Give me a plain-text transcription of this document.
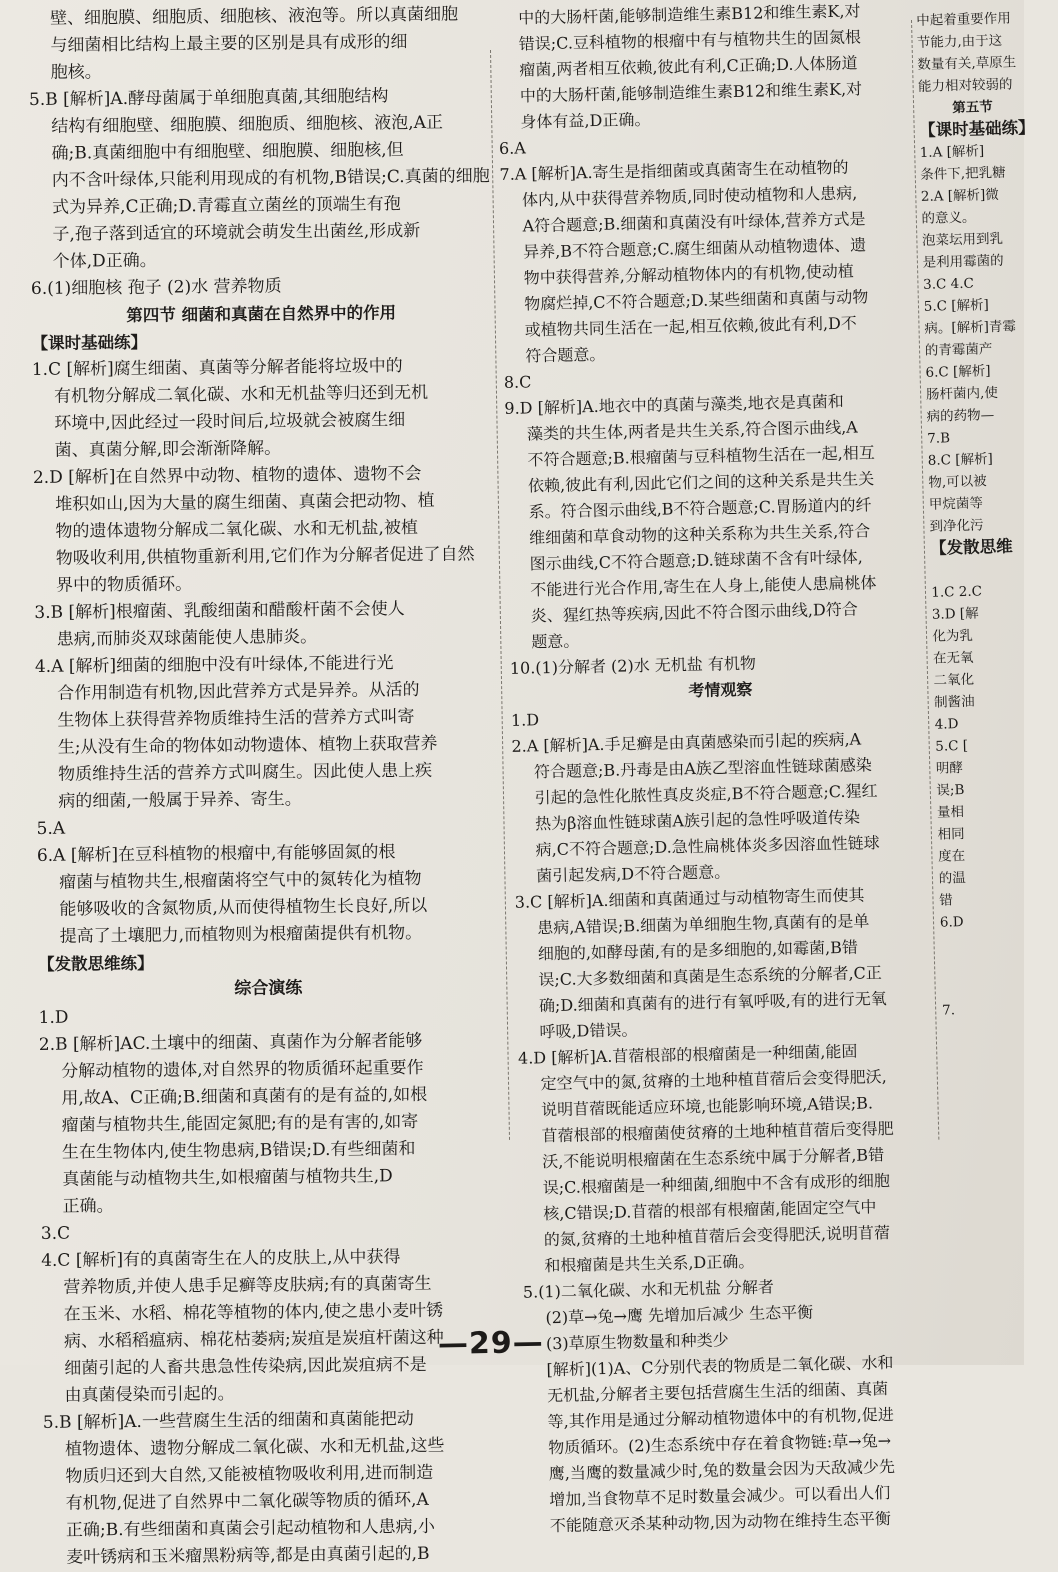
壁、细胞膜、细胞质、细胞核、液泡等。所以真菌细胞
与细菌相比结构上最主要的区别是具有成形的细
胞核。
5.B [解析]A.酵母菌属于单细胞真菌,其细胞结构
结构有细胞壁、细胞膜、细胞质、细胞核、液泡,A正
确;B.真菌细胞中有细胞壁、细胞膜、细胞核,但
内不含叶绿体,只能利用现成的有机物,B错误;C.真菌的细胞
式为异养,C正确;D.青霉直立菌丝的顶端生有孢
子,孢子落到适宜的环境就会萌发生出菌丝,形成新
个体,D正确。
6.(1)细胞核 孢子 (2)水 营养物质
第四节 细菌和真菌在自然界中的作用
【课时基础练】
1.C [解析]腐生细菌、真菌等分解者能将垃圾中的
有机物分解成二氧化碳、水和无机盐等归还到无机
环境中,因此经过一段时间后,垃圾就会被腐生细
菌、真菌分解,即会渐渐降解。
2.D [解析]在自然界中动物、植物的遗体、遗物不会
堆积如山,因为大量的腐生细菌、真菌会把动物、植
物的遗体遗物分解成二氧化碳、水和无机盐,被植
物吸收利用,供植物重新利用,它们作为分解者促进了自然
界中的物质循环。
3.B [解析]根瘤菌、乳酸细菌和醋酸杆菌不会使人
患病,而肺炎双球菌能使人患肺炎。
4.A [解析]细菌的细胞中没有叶绿体,不能进行光
合作用制造有机物,因此营养方式是异养。从活的
生物体上获得营养物质维持生活的营养方式叫寄
生;从没有生命的物体如动物遗体、植物上获取营养
物质维持生活的营养方式叫腐生。因此使人患上疾
病的细菌,一般属于异养、寄生。
5.A
6.A [解析]在豆科植物的根瘤中,有能够固氮的根
瘤菌与植物共生,根瘤菌将空气中的氮转化为植物
能够吸收的含氮物质,从而使得植物生长良好,所以
提高了土壤肥力,而植物则为根瘤菌提供有机物。
【发散思维练】
综合演练
1.D
2.B [解析]AC.土壤中的细菌、真菌作为分解者能够
分解动植物的遗体,对自然界的物质循环起重要作
用,故A、C正确;B.细菌和真菌有的是有益的,如根
瘤菌与植物共生,能固定氮肥;有的是有害的,如寄
生在生物体内,使生物患病,B错误;D.有些细菌和
真菌能与动植物共生,如根瘤菌与植物共生,D
正确。
3.C
4.C [解析]有的真菌寄生在人的皮肤上,从中获得
营养物质,并使人患手足癣等皮肤病;有的真菌寄生
在玉米、水稻、棉花等植物的体内,使之患小麦叶锈
病、水稻稻瘟病、棉花枯萎病;炭疽是炭疽杆菌这种
细菌引起的人畜共患急性传染病,因此炭疽病不是
由真菌侵染而引起的。
5.B [解析]A.一些营腐生生活的细菌和真菌能把动
植物遗体、遗物分解成二氧化碳、水和无机盐,这些
物质归还到大自然,又能被植物吸收利用,进而制造
有机物,促进了自然界中二氧化碳等物质的循环,A
正确;B.有些细菌和真菌会引起动植物和人患病,小
麦叶锈病和玉米瘤黑粉病等,都是由真菌引起的,B
中的大肠杆菌,能够制造维生素B12和维生素K,对
错误;C.豆科植物的根瘤中有与植物共生的固氮根
瘤菌,两者相互依赖,彼此有利,C正确;D.人体肠道
中的大肠杆菌,能够制造维生素B12和维生素K,对
身体有益,D正确。
6.A
7.A [解析]A.寄生是指细菌或真菌寄生在动植物的
体内,从中获得营养物质,同时使动植物和人患病,
A符合题意;B.细菌和真菌没有叶绿体,营养方式是
异养,B不符合题意;C.腐生细菌从动植物遗体、遗
物中获得营养,分解动植物体内的有机物,使动植
物腐烂掉,C不符合题意;D.某些细菌和真菌与动物
或植物共同生活在一起,相互依赖,彼此有利,D不
符合题意。
8.C
9.D [解析]A.地衣中的真菌与藻类,地衣是真菌和
藻类的共生体,两者是共生关系,符合图示曲线,A
不符合题意;B.根瘤菌与豆科植物生活在一起,相互
依赖,彼此有利,因此它们之间的这种关系是共生关
系。符合图示曲线,B不符合题意;C.胃肠道内的纤
维细菌和草食动物的这种关系称为共生关系,符合
图示曲线,C不符合题意;D.链球菌不含有叶绿体,
不能进行光合作用,寄生在人身上,能使人患扁桃体
炎、猩红热等疾病,因此不符合图示曲线,D符合
题意。
10.(1)分解者 (2)水 无机盐 有机物
考情观察
1.D
2.A [解析]A.手足癣是由真菌感染而引起的疾病,A
符合题意;B.丹毒是由A族乙型溶血性链球菌感染
引起的急性化脓性真皮炎症,B不符合题意;C.猩红
热为β溶血性链球菌A族引起的急性呼吸道传染
病,C不符合题意;D.急性扁桃体炎多因溶血性链球
菌引起发病,D不符合题意。
3.C [解析]A.细菌和真菌通过与动植物寄生而使其
患病,A错误;B.细菌为单细胞生物,真菌有的是单
细胞的,如酵母菌,有的是多细胞的,如霉菌,B错
误;C.大多数细菌和真菌是生态系统的分解者,C正
确;D.细菌和真菌有的进行有氧呼吸,有的进行无氧
呼吸,D错误。
4.D [解析]A.苜蓿根部的根瘤菌是一种细菌,能固
定空气中的氮,贫瘠的土地种植苜蓿后会变得肥沃,
说明苜蓿既能适应环境,也能影响环境,A错误;B.
苜蓿根部的根瘤菌使贫瘠的土地种植苜蓿后变得肥
沃,不能说明根瘤菌在生态系统中属于分解者,B错
误;C.根瘤菌是一种细菌,细胞中不含有成形的细胞
核,C错误;D.苜蓿的根部有根瘤菌,能固定空气中
的氮,贫瘠的土地种植苜蓿后会变得肥沃,说明苜蓿
和根瘤菌是共生关系,D正确。
5.(1)二氧化碳、水和无机盐 分解者
(2)草→兔→鹰 先增加后减少 生态平衡
(3)草原生物数量和种类少
[解析](1)A、C分别代表的物质是二氧化碳、水和
无机盐,分解者主要包括营腐生生活的细菌、真菌
等,其作用是通过分解动植物遗体中的有机物,促进
物质循环。(2)生态系统中存在着食物链:草→兔→
鹰,当鹰的数量减少时,兔的数量会因为天敌减少先
增加,当食物草不足时数量会减少。可以看出人们
不能随意灭杀某种动物,因为动物在维持生态平衡
中起着重要作用
节能力,由于这
数量有关,草原生
能力相对较弱的
第五节
【课时基础练】
1.A [解析]
条件下,把乳糖
2.A [解析]微
的意义。
泡菜坛用到乳
是利用霉菌的
3.C 4.C
5.C [解析]
病。[解析]青霉
的青霉菌产
6.C [解析]
肠杆菌内,使
病的药物—
7.B
8.C [解析]
物,可以被
甲烷菌等
到净化污
【发散思维

1.C 2.C
3.D [解
化为乳
在无氧
二氧化
制酱油
4.D
5.C [
明酵
误;B
量相
相同
度在
的温
错
6.D

7.
—29—
